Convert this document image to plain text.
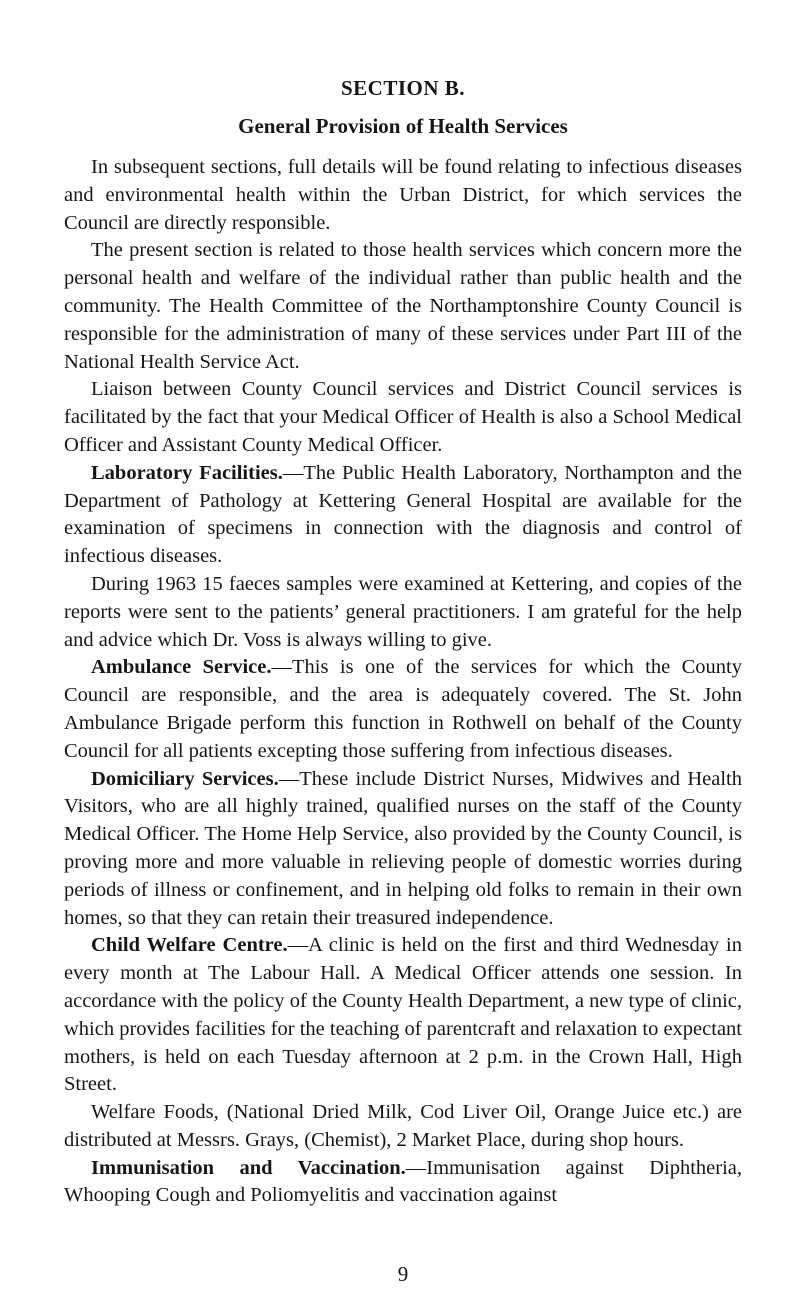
SECTION B.
General Provision of Health Services

In subsequent sections, full details will be found relating to infectious diseases and environmental health within the Urban District, for which services the Council are directly responsible.

The present section is related to those health services which concern more the personal health and welfare of the individual rather than public health and the community. The Health Committee of the Northamptonshire County Council is responsible for the administration of many of these services under Part III of the National Health Service Act.

Liaison between County Council services and District Council services is facilitated by the fact that your Medical Officer of Health is also a School Medical Officer and Assistant County Medical Officer.

Laboratory Facilities.—The Public Health Laboratory, Northampton and the Department of Pathology at Kettering General Hospital are available for the examination of specimens in connection with the diagnosis and control of infectious diseases.

During 1963 15 faeces samples were examined at Kettering, and copies of the reports were sent to the patients’ general practitioners. I am grateful for the help and advice which Dr. Voss is always willing to give.

Ambulance Service.—This is one of the services for which the County Council are responsible, and the area is adequately covered. The St. John Ambulance Brigade perform this function in Rothwell on behalf of the County Council for all patients excepting those suffering from infectious diseases.

Domiciliary Services.—These include District Nurses, Midwives and Health Visitors, who are all highly trained, qualified nurses on the staff of the County Medical Officer. The Home Help Service, also provided by the County Council, is proving more and more valuable in relieving people of domestic worries during periods of illness or confinement, and in helping old folks to remain in their own homes, so that they can retain their treasured independence.

Child Welfare Centre.—A clinic is held on the first and third Wednesday in every month at The Labour Hall. A Medical Officer attends one session. In accordance with the policy of the County Health Department, a new type of clinic, which provides facilities for the teaching of parentcraft and relaxation to expectant mothers, is held on each Tuesday afternoon at 2 p.m. in the Crown Hall, High Street.

Welfare Foods, (National Dried Milk, Cod Liver Oil, Orange Juice etc.) are distributed at Messrs. Grays, (Chemist), 2 Market Place, during shop hours.

Immunisation and Vaccination.—Immunisation against Diphtheria, Whooping Cough and Poliomyelitis and vaccination against

9
